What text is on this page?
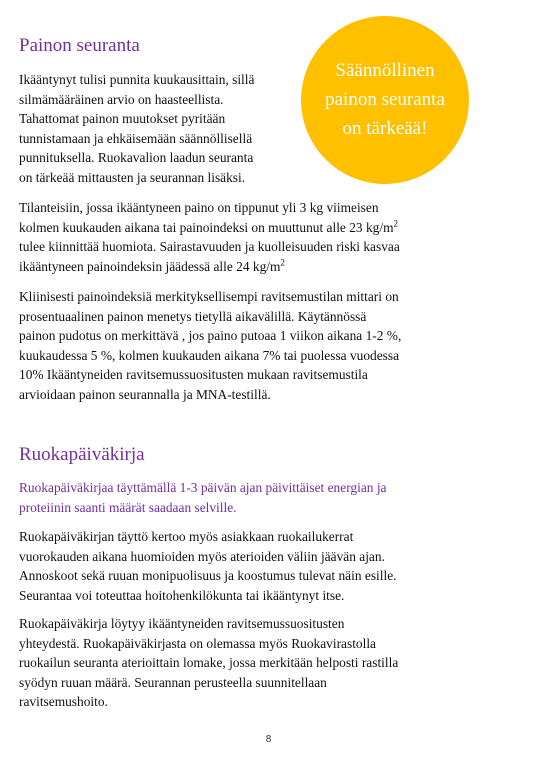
Painon seuranta
Säännöllinen painon seuranta on tärkeää!
Ikääntynyt tulisi punnita kuukausittain, sillä
silmämääräinen arvio on haasteellista.
Tahattomat painon muutokset pyritään
tunnistamaan ja ehkäisemään säännöllisellä
punnituksella. Ruokavalion laadun seuranta
on tärkeää mittausten ja seurannan lisäksi.
Tilanteisiin, jossa ikääntyneen paino on tippunut yli 3 kg viimeisen
kolmen kuukauden aikana tai painoindeksi on muuttunut alle 23 $kg/m^2$
tulee kiinnittää huomiota. Sairastavuuden ja kuolleisuuden riski kasvaa
ikääntyneen painoindeksin jäädessä alle 24 $kg/m^2$
Kliinisesti painoindeksiä merkityksellisempi ravitsemustilan mittari on
prosentuaalinen painon menetys tietyllä aikavälillä. Käytännössä
painon pudotus on merkittävä , jos paino putoaa 1 viikon aikana 1-2 %,
kuukaudessa 5 %, kolmen kuukauden aikana 7% tai puolessa vuodessa
10% Ikääntyneiden ravitsemussuositusten mukaan ravitsemustila
arvioidaan painon seurannalla ja MNA-testillä.
Ruokapäiväkirja
Ruokapäiväkirjaa täyttämällä 1-3 päivän ajan päivittäiset energian ja
proteiinin saanti määrät saadaan selville.
Ruokapäiväkirjan täyttö kertoo myös asiakkaan ruokailukerrat
vuorokauden aikana huomioiden myös aterioiden väliin jäävän ajan.
Annoskoot sekä ruuan monipuolisuus ja koostumus tulevat näin esille.
Seurantaa voi toteuttaa hoitohenkilökunta tai ikääntynyt itse.
Ruokapäiväkirja löytyy ikääntyneiden ravitsemussuositusten
yhteydestä. Ruokapäiväkirjasta on olemassa myös Ruokavirastolla
ruokailun seuranta aterioittain lomake, jossa merkitään helposti rastilla
syödyn ruuan määrä. Seurannan perusteella suunnitellaan
ravitsemushoito.
8
